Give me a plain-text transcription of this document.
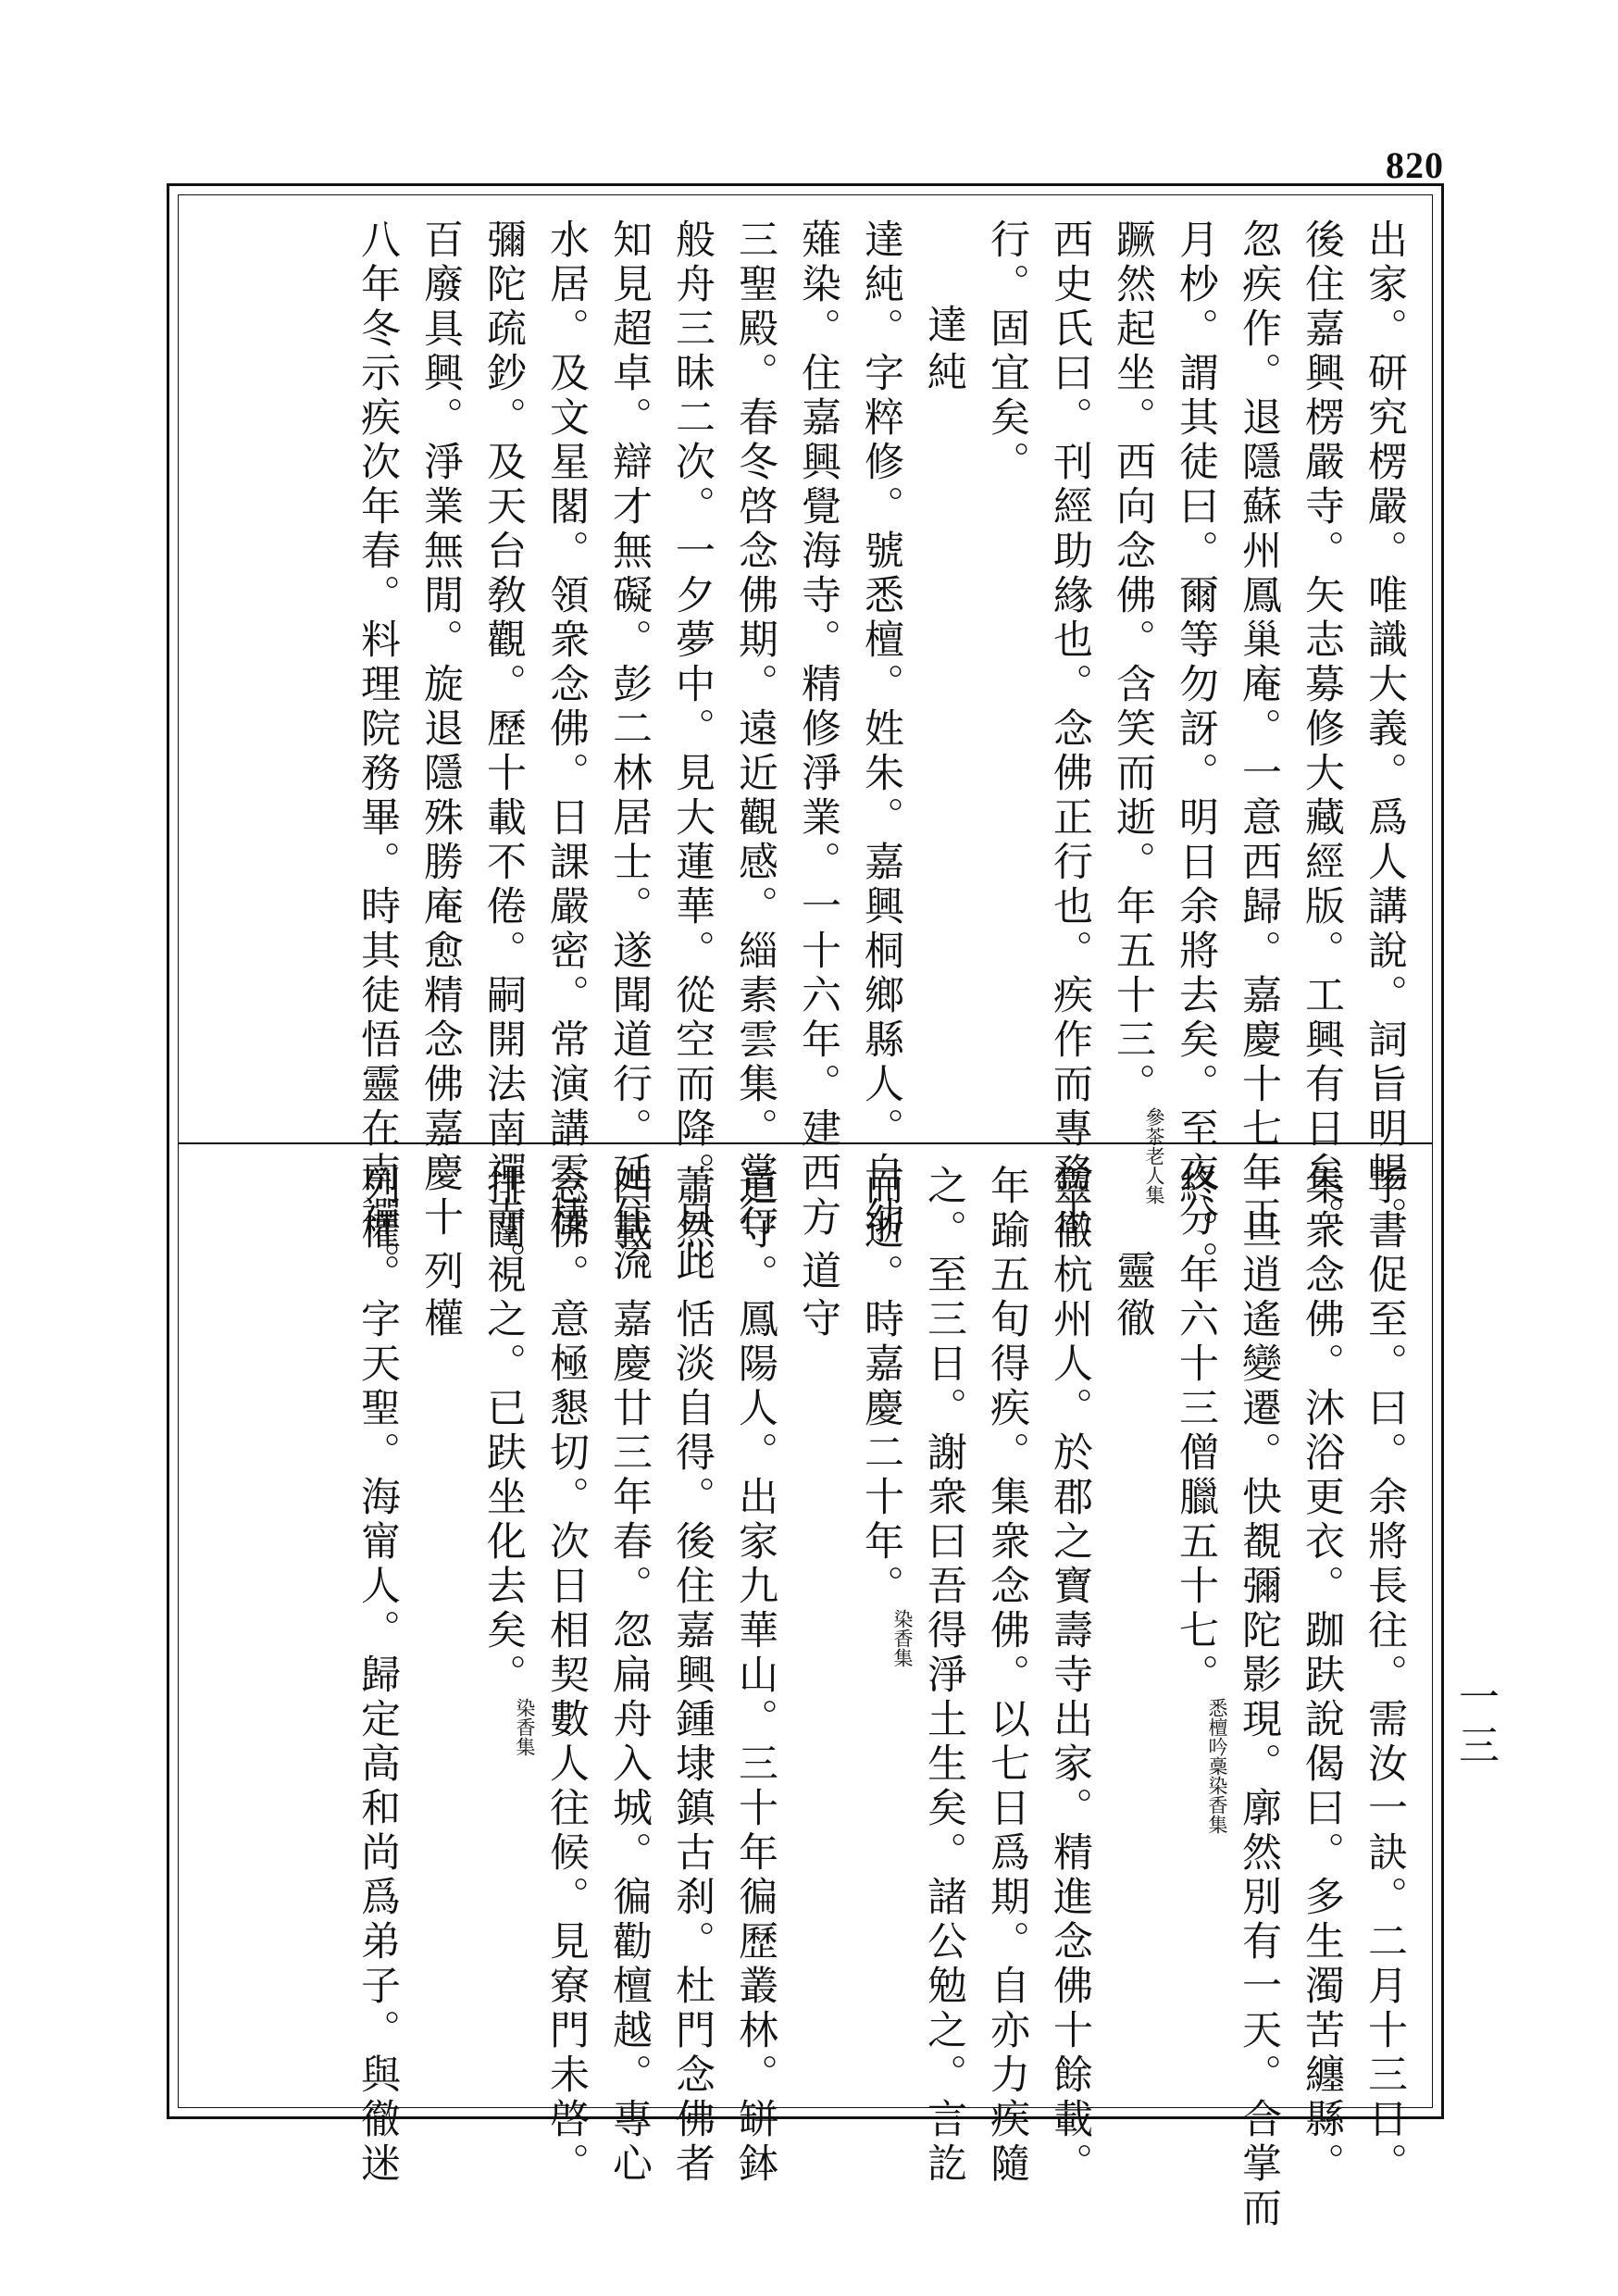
820
一三
出家。研究楞嚴。唯識大義。爲人講說。詞旨明暢。
後住嘉興楞嚴寺。矢志募修大藏經版。工興有日矣。
忽疾作。退隱蘇州鳳巢庵。一意西歸。嘉慶十七年正
月杪。謂其徒曰。爾等勿訝。明日余將去矣。至夜分。
蹶然起坐。西向念佛。含笑而逝。年五十三。參茶老人集
西史氏曰。刊經助緣也。念佛正行也。疾作而專務正
行。固宜矣。
達純
達純。字粹修。號悉檀。姓朱。嘉興桐鄉縣人。自幼
薙染。住嘉興覺海寺。精修淨業。一十六年。建西方
三聖殿。春冬啓念佛期。遠近觀感。緇素雲集。嘗行
般舟三昧二次。一夕夢中。見大蓮華。從空而降。自此
知見超卓。辯才無礙。彭二林居士。遂聞道行。延住流
水居。及文星閣。領衆念佛。日課嚴密。常演講雲棲
彌陀疏鈔。及天台敎觀。歷十載不倦。嗣開法南禪寺。
百廢具興。淨業無閒。旋退隱殊勝庵愈精念佛嘉慶十
八年冬示疾次年春。料理院務畢。時其徒悟靈在南禪。
手書促至。曰。余將長往。需汝一訣。二月十三日。
集衆念佛。沐浴更衣。跏趺說偈曰。多生濁苦纏縣。
一旦逍遙變遷。快覩彌陀影現。廓然別有一天。合掌而
終。年六十三僧臘五十七。悉檀吟稾染香集
靈徹
靈徹杭州人。於郡之寶壽寺出家。精進念佛十餘載。
年踰五旬得疾。集衆念佛。以七日爲期。自亦力疾隨
之。至三日。謝衆曰吾得淨土生矣。諸公勉之。言訖
而逝。時嘉慶二十年。染香集
道守
道守。鳳陽人。出家九華山。三十年徧歷叢林。缾鉢
蕭然。恬淡自得。後住嘉興鍾埭鎮古刹。杜門念佛者
四載。嘉慶廿三年春。忽扁舟入城。徧勸檀越。專心
念佛。意極懇切。次日相契數人往候。見寮門未啓。
排闥視之。已趺坐化去矣。染香集
列權
列權。字天聖。海甯人。歸定高和尚爲弟子。與徹迷
